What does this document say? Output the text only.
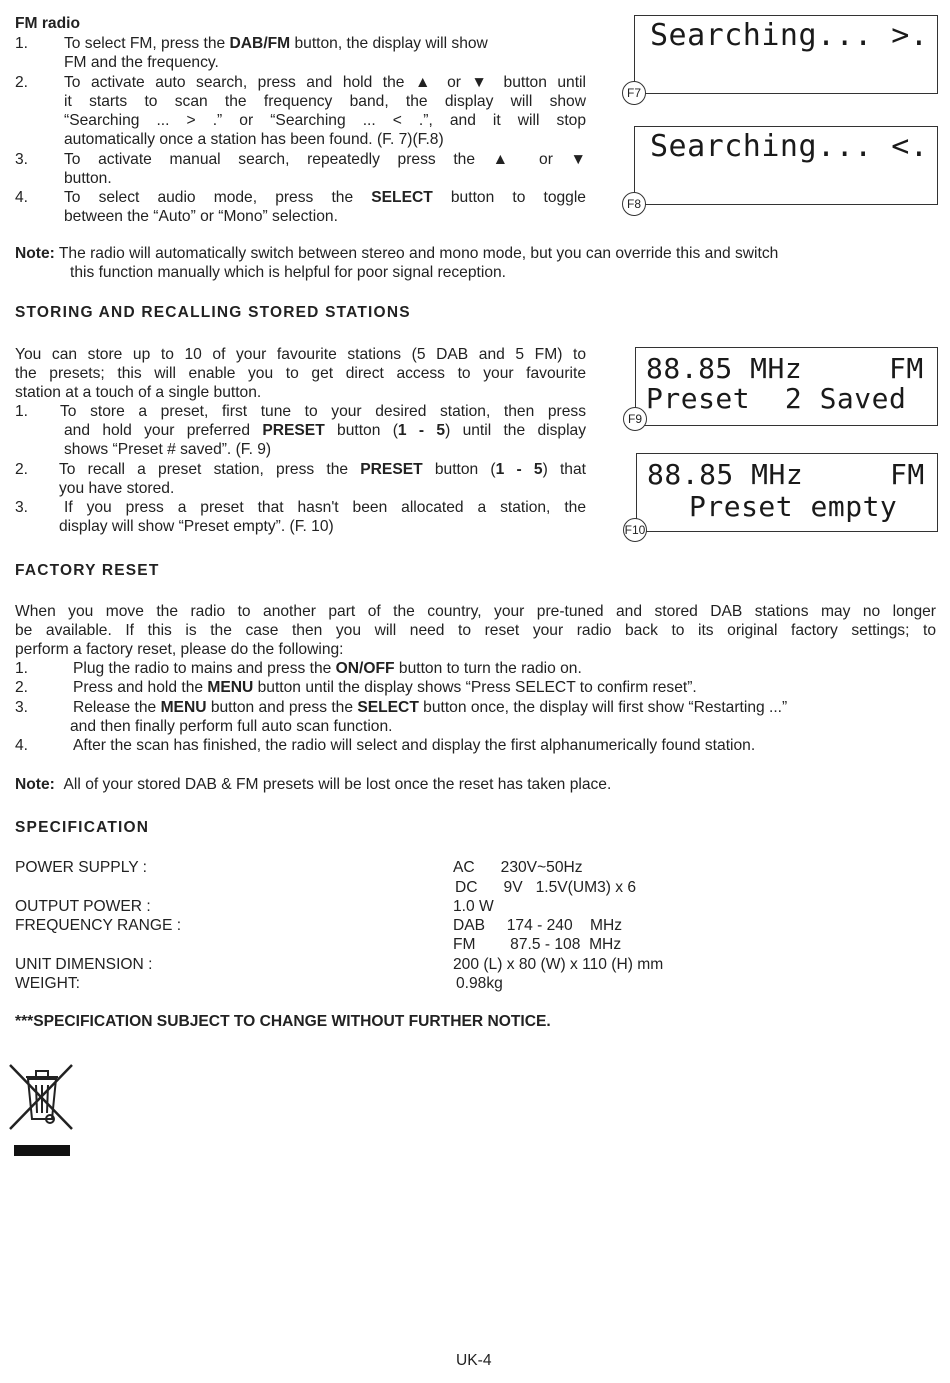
FM radio
1. To select FM, press the DAB/FM button, the display will show
FM and the frequency.
2. To activate auto search, press and hold the ▲ or ▼ button until
it starts to scan the frequency band, the display will show
“Searching ... > .” or “Searching ... < .”, and it will stop
automatically once a station has been found. (F. 7)(F.8)
3. To activate manual search, repeatedly press the ▲ or ▼
button.
4. To select audio mode, press the SELECT button to toggle
between the “Auto” or “Mono” selection.
Note: The radio will automatically switch between stereo and mono mode, but you can override this and switch
this function manually which is helpful for poor signal reception.
Searching... >.
F7
Searching... <.
F8
STORING AND RECALLING STORED STATIONS
You can store up to 10 of your favourite stations (5 DAB and 5 FM) to
the presets; this will enable you to get direct access to your favourite
station at a touch of a single button.
1. To store a preset, first tune to your desired station, then press
and hold your preferred PRESET button (1 - 5) until the display
shows “Preset # saved”. (F. 9)
2. To recall a preset station, press the PRESET button (1 - 5) that
you have stored.
3. If you press a preset that hasn't been allocated a station, the
display will show “Preset empty”. (F. 10)
88.85 MHz     FM
Preset  2 Saved
F9
88.85 MHz     FM
Preset empty
F10
FACTORY RESET
When you move the radio to another part of the country, your pre-tuned and stored DAB stations may no longer
be available. If this is the case then you will need to reset your radio back to its original factory settings; to
perform a factory reset, please do the following:
1.	Plug the radio to mains and press the ON/OFF button to turn the radio on.
2.	Press and hold the MENU button until the display shows “Press SELECT to confirm reset”.
3.	Release the MENU button and press the SELECT button once, the display will first show “Restarting ...”
and then finally perform full auto scan function.
4.	After the scan has finished, the radio will select and display the first alphanumerically found station.
Note: All of your stored DAB & FM presets will be lost once the reset has taken place.
SPECIFICATION
POWER SUPPLY :	AC      230V~50Hz
DC      9V   1.5V(UM3) x 6
OUTPUT POWER :	1.0 W
FREQUENCY RANGE :	DAB     174 - 240    MHz
FM        87.5 - 108  MHz
UNIT DIMENSION :	200 (L) x 80 (W) x 110 (H) mm
WEIGHT:	0.98kg
***SPECIFICATION SUBJECT TO CHANGE WITHOUT FURTHER NOTICE.
UK-4
